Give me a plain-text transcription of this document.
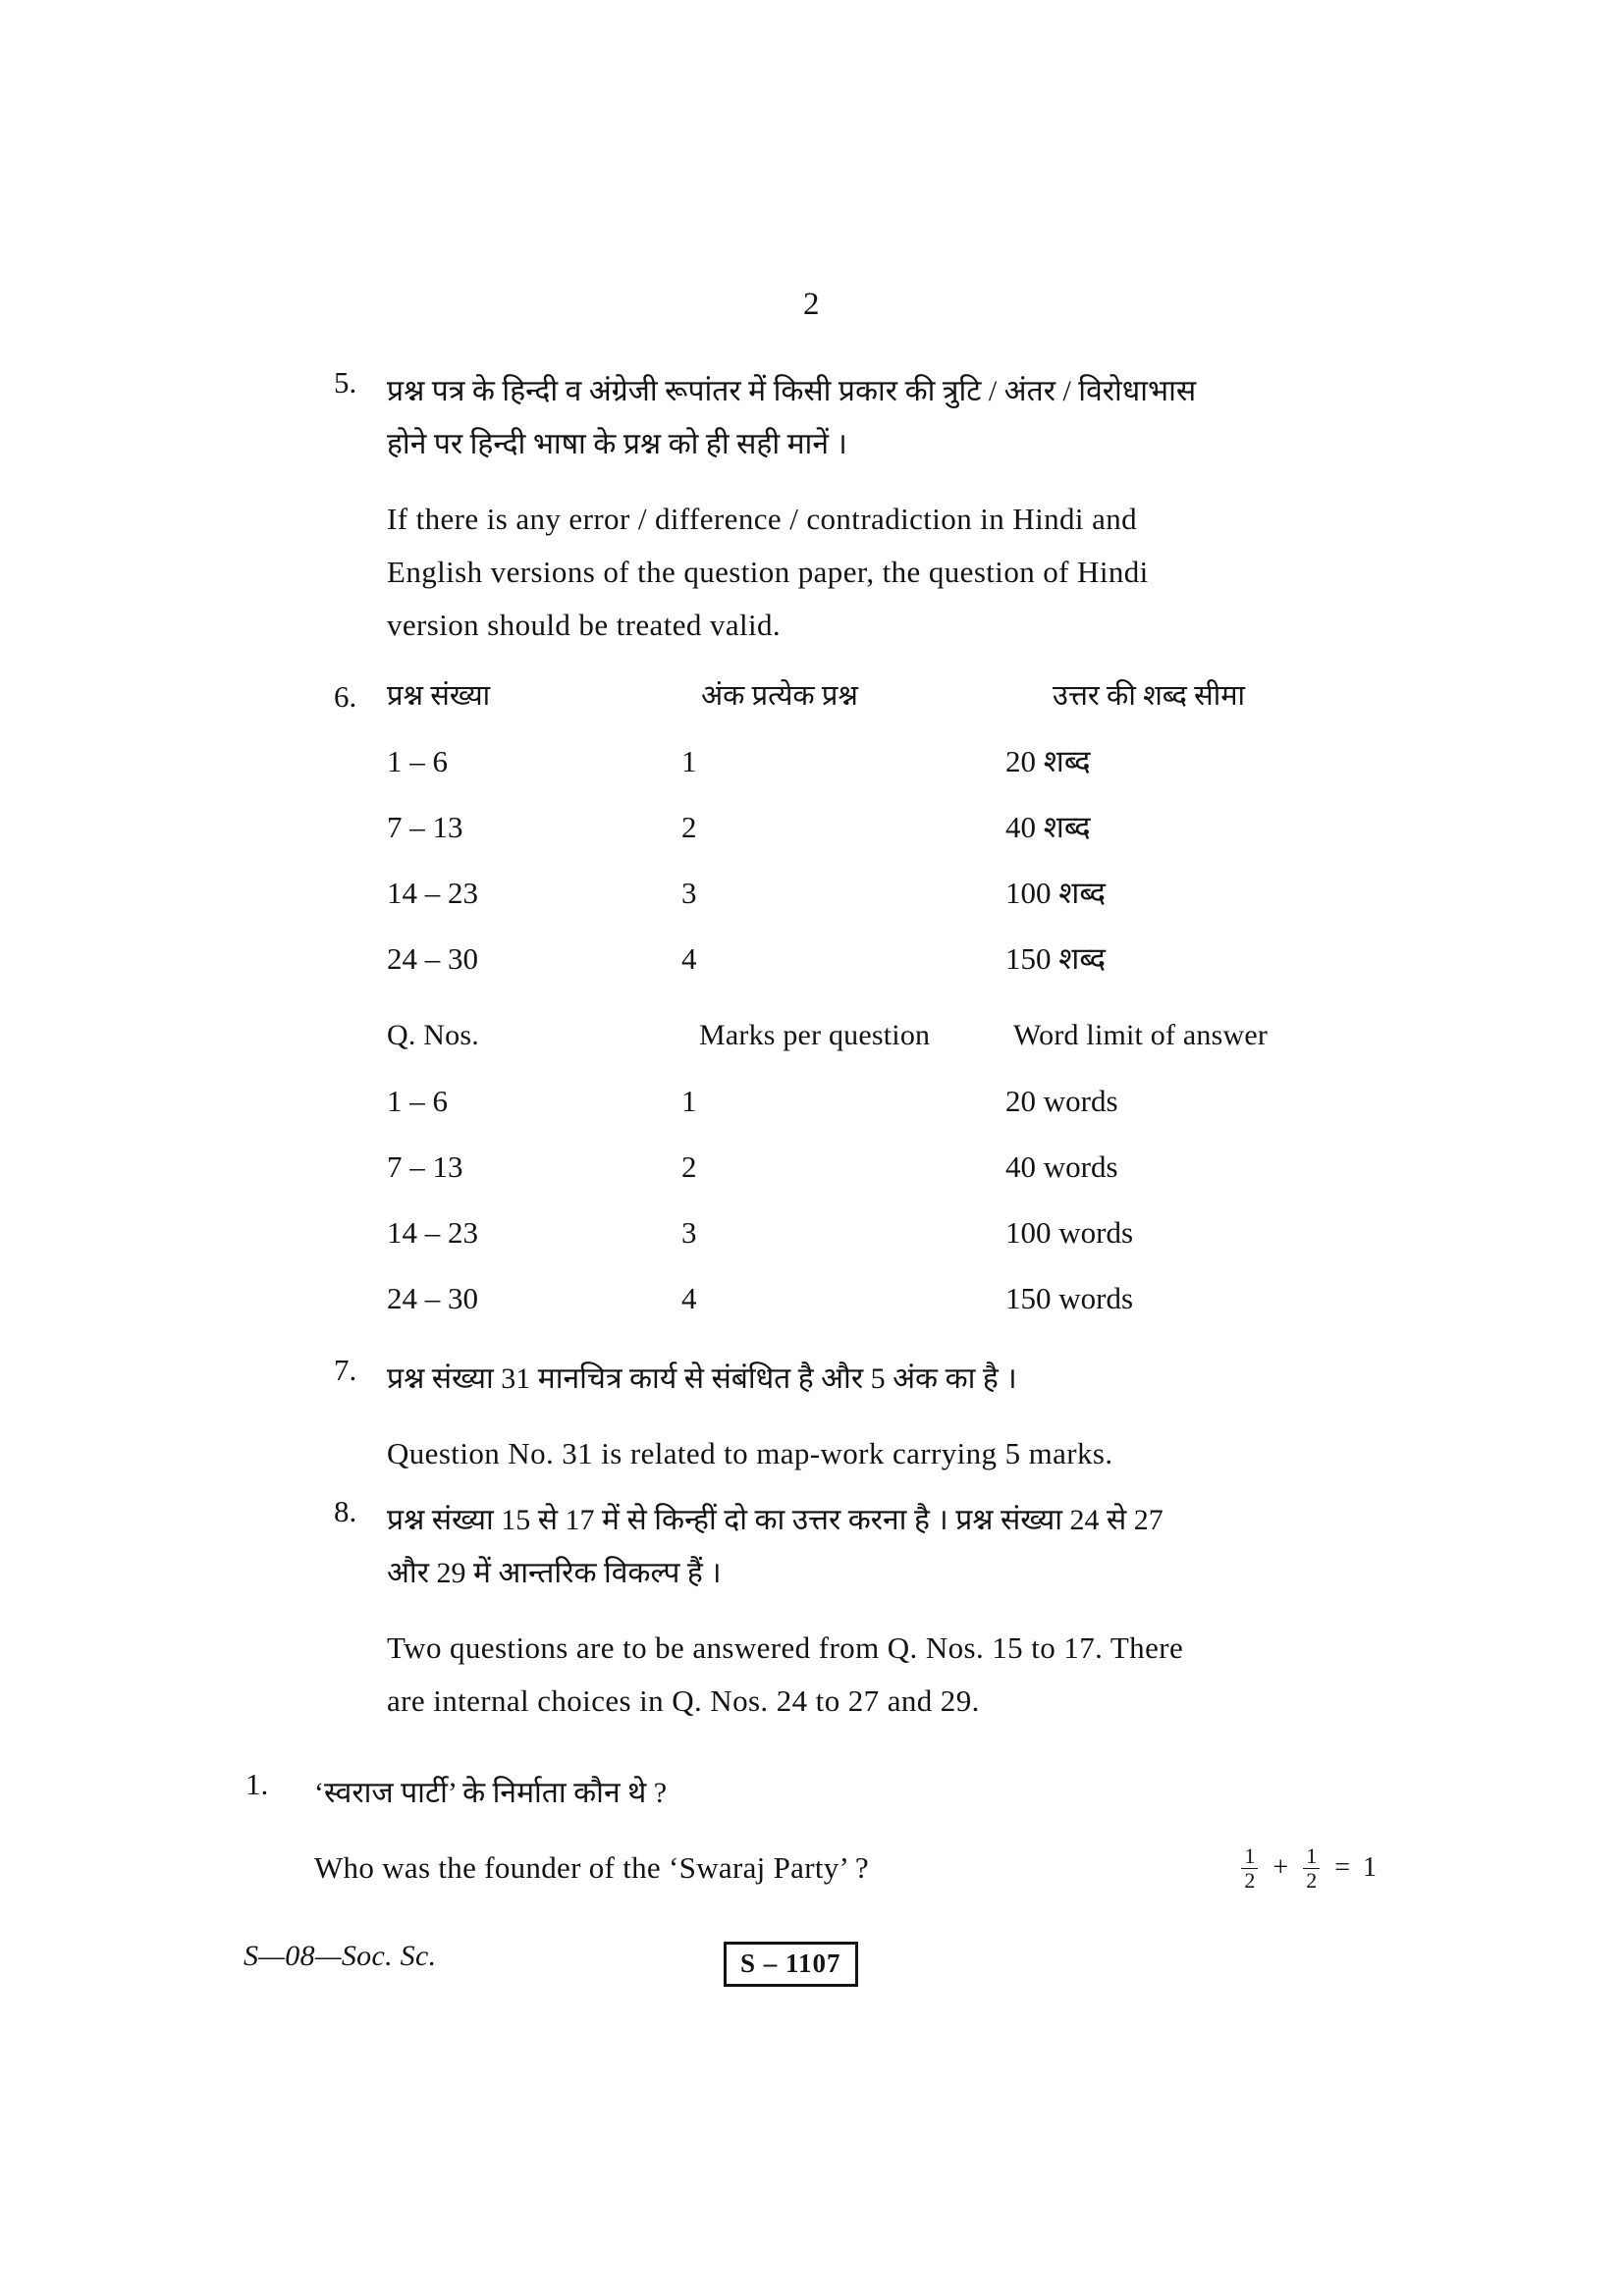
2
5.	प्रश्न पत्र के हिन्दी व अंग्रेजी रूपांतर में किसी प्रकार की त्रुटि / अंतर / विरोधाभास
होने पर हिन्दी भाषा के प्रश्न को ही सही मानें ।
If there is any error / difference / contradiction in Hindi and
English versions of the question paper, the question of Hindi
version should be treated valid.
6. प्रश्न संख्या	अंक प्रत्येक प्रश्न	उत्तर की शब्द सीमा
1 – 6	1	20 शब्द
7 – 13	2	40 शब्द
14 – 23	3	100 शब्द
24 – 30	4	150 शब्द
Q. Nos.	Marks per question	Word limit of answer
1 – 6	1	20 words
7 – 13	2	40 words
14 – 23	3	100 words
24 – 30	4	150 words
7.	प्रश्न संख्या 31 मानचित्र कार्य से संबंधित है और 5 अंक का है ।
Question No. 31 is related to map-work carrying 5 marks.
8.	प्रश्न संख्या 15 से 17 में से किन्हीं दो का उत्तर करना है । प्रश्न संख्या 24 से 27
और 29 में आन्तरिक विकल्प हैं ।
Two questions are to be answered from Q. Nos. 15 to 17. There
are internal choices in Q. Nos. 24 to 27 and 29.
1. ‘स्वराज पार्टी’ के निर्माता कौन थे ?
Who was the founder of the ‘Swaraj Party’ ?	$\frac{1}{2} + \frac{1}{2} = 1$
S—08—Soc. Sc.	S – 1107
